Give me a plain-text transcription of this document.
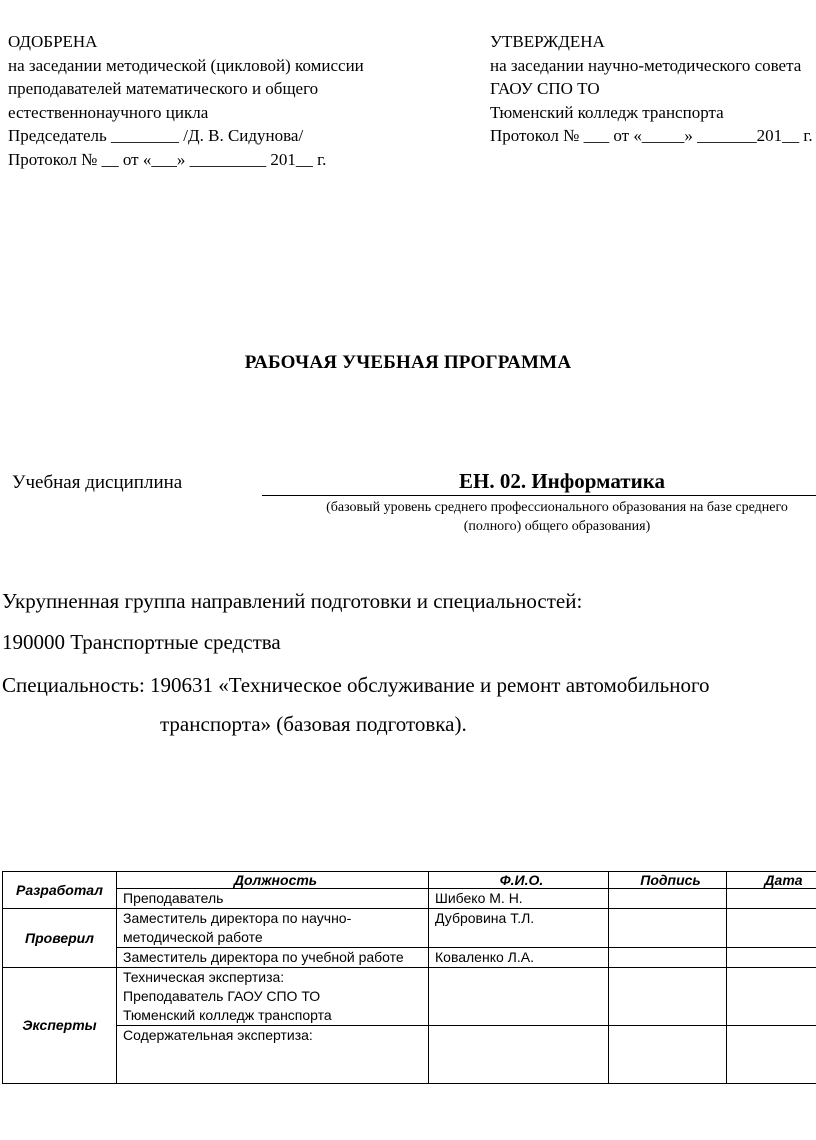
ОДОБРЕНА
на заседании методической (цикловой) комиссии
преподавателей математического и общего
естественнонаучного цикла
Председатель ________ /Д. В. Сидунова/
Протокол № __ от «___» _________ 201__ г.
УТВЕРЖДЕНА
на заседании научно-методического совета
ГАОУ СПО ТО
Тюменский колледж транспорта
Протокол № ___ от «_____» _______201__ г.
РАБОЧАЯ УЧЕБНАЯ ПРОГРАММА
Учебная дисциплина	ЕН. 02. Информатика
(базовый уровень среднего профессионального образования на базе среднего
(полного) общего образования)
Укрупненная группа направлений подготовки и специальностей:
190000 Транспортные средства
Специальность: 190631 «Техническое обслуживание и ремонт автомобильного
транспорта» (базовая подготовка).
Разработал	Должность	Ф.И.О.	Подпись	Дата
	Преподаватель	Шибеко М. Н.		
Проверил	Заместитель директора по научно-методической работе	Дубровина Т.Л.		
	Заместитель директора по учебной работе	Коваленко Л.А.		
Эксперты	Техническая экспертиза:
Преподаватель ГАОУ СПО ТО
Тюменский колледж транспорта			

	Содержательная экспертиза:			
